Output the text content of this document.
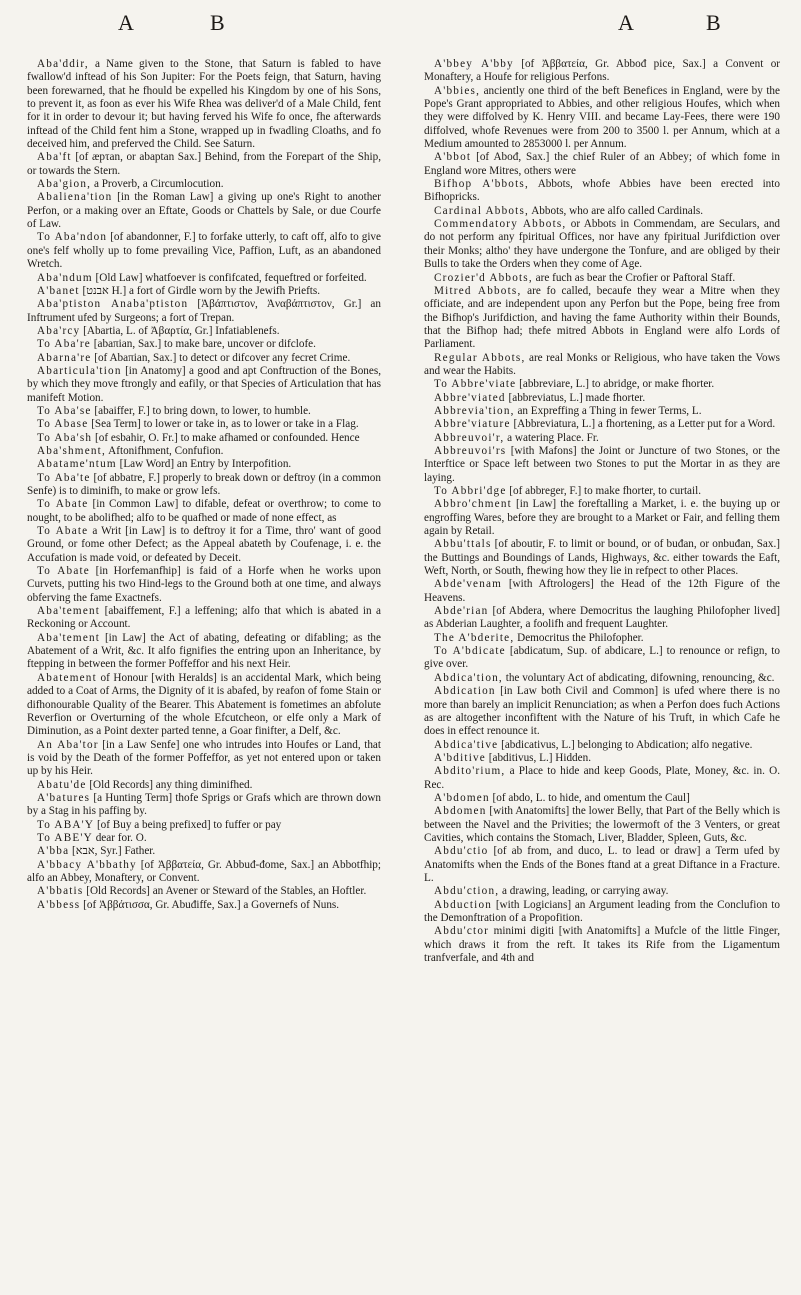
A	B	A	B

Aba'ddir, a Name given to the Stone, that Saturn is fabled to have fwallow'd inftead of his Son Jupiter: For the Poets feign, that Saturn, having been forewarned, that he fhould be expelled his Kingdom by one of his Sons, to prevent it, as foon as ever his Wife Rhea was deliver'd of a Male Child, fent for it in order to devour it; but having ferved his Wife fo once, fhe afterwards inftead of the Child fent him a Stone, wrapped up in fwadling Cloaths, and fo deceived him, and preferved the Child. See Saturn.

Aba'ft [of æpτan, or abaptan Sax.] Behind, from the Forepart of the Ship, or towards the Stern.

Aba'gion, a Proverb, a Circumlocution.

Abaliena'tion [in the Roman Law] a giving up one's Right to another Perfon, or a making over an Eftate, Goods or Chattels by Sale, or due Courfe of Law.

To Aba'ndon [of abandonner, F.] to forfake utterly, to caft off, alfo to give one's felf wholly up to fome prevailing Vice, Paffion, Luft, as an abandoned Wretch.

Aba'ndum [Old Law] whatfoever is confifcated, fequeftred or forfeited.

A'banet [אבנט H.] a fort of Girdle worn by the Jewifh Priefts.

Aba'ptiston Anaba'ptiston [Ἀβάπτιστον, Ἀναβάπτιστον, Gr.] an Inftrument ufed by Surgeons; a fort of Trepan.

Aba'rcy [Abartia, L. of Ἀβαρτία, Gr.] Infatiablenefs.

To Aba're [abaπian, Sax.] to make bare, uncover or difclofe.

Abarna're [of Abaπian, Sax.] to detect or difcover any fecret Crime.

Abarticula'tion [in Anatomy] a good and apt Conftruction of the Bones, by which they move ftrongly and eafily, or that Species of Articulation that has manifeft Motion.

To Aba'se [abaiffer, F.] to bring down, to lower, to humble.

To Abase [Sea Term] to lower or take in, as to lower or take in a Flag.

To Aba'sh [of esbahir, O. Fr.] to make afhamed or confounded. Hence

Aba'shment, Aftonifhment, Confufion.

Abatame'ntum [Law Word] an Entry by Interpofition.

To Aba'te [of abbatre, F.] properly to break down or deftroy (in a common Senfe) is to diminifh, to make or grow lefs.

To Abate [in Common Law] to difable, defeat or overthrow; to come to nought, to be abolifhed; alfo to be quafhed or made of none effect, as

To Abate a Writ [in Law] is to deftroy it for a Time, thro' want of good Ground, or fome other Defect; as the Appeal abateth by Coufenage, i. e. the Accufation is made void, or defeated by Deceit.

To Abate [in Horfemanfhip] is faid of a Horfe when he works upon Curvets, putting his two Hind-legs to the Ground both at one time, and always obferving the fame Exactnefs.

Aba'tement [abaiffement, F.] a leffening; alfo that which is abated in a Reckoning or Account.

Aba'tement [in Law] the Act of abating, defeating or difabling; as the Abatement of a Writ, &c. It alfo fignifies the entring upon an Inheritance, by ftepping in between the former Poffeffor and his next Heir.

Abatement of Honour [with Heralds] is an accidental Mark, which being added to a Coat of Arms, the Dignity of it is abafed, by reafon of fome Stain or difhonourable Quality of the Bearer. This Abatement is fometimes an abfolute Reverfion or Overturning of the whole Efcutcheon, or elfe only a Mark of Diminution, as a Point dexter parted tenne, a Goar finifter, a Delf, &c.

An Aba'tor [in a Law Senfe] one who intrudes into Houfes or Land, that is void by the Death of the former Poffeffor, as yet not entered upon or taken up by his Heir.

Abatu'de [Old Records] any thing diminifhed.

A'batures [a Hunting Term] thofe Sprigs or Grafs which are thrown down by a Stag in his paffing by.

To ABA'Y [of Buy a being prefixed] to fuffer or pay

To ABE'Y dear for. O.

A'bba [אבא, Syr.] Father.

A'bbacy A'bbathy [of Ἀββατεία, Gr. Abbuđ-đome, Sax.] an Abbotfhip; alfo an Abbey, Monaftery, or Convent.

A'bbatis [Old Records] an Avener or Steward of the Stables, an Hoftler.

A'bbess [of Ἀββάτισσα, Gr. Abuđiffe, Sax.] a Governefs of Nuns.

A'bbey A'bby [of Ἀββατεία, Gr. Abbođ pice, Sax.] a Convent or Monaftery, a Houfe for religious Perfons.

A'bbies, anciently one third of the beft Benefices in England, were by the Pope's Grant appropriated to Abbies, and other religious Houfes, which when they were diffolved by K. Henry VIII. and became Lay-Fees, there were 190 diffolved, whofe Revenues were from 200 to 3500 l. per Annum, which at a Medium amounted to 2853000 l. per Annum.

A'bbot [of Abođ, Sax.] the chief Ruler of an Abbey; of which fome in England wore Mitres, others were

Bifhop A'bbots, Abbots, whofe Abbies have been erected into Bifhopricks.

Cardinal Abbots, Abbots, who are alfo called Cardinals.

Commendatory Abbots, or Abbots in Commendam, are Seculars, and do not perform any fpiritual Offices, nor have any fpiritual Jurifdiction over their Monks; altho' they have undergone the Tonfure, and are obliged by their Bulls to take the Orders when they come of Age.

Crozier'd Abbots, are fuch as bear the Crofier or Paftoral Staff.

Mitred Abbots, are fo called, becaufe they wear a Mitre when they officiate, and are independent upon any Perfon but the Pope, being free from the Bifhop's Jurifdiction, and having the fame Authority within their Bounds, that the Bifhop had; thefe mitred Abbots in England were alfo Lords of Parliament.

Regular Abbots, are real Monks or Religious, who have taken the Vows and wear the Habits.

To Abbre'viate [abbreviare, L.] to abridge, or make fhorter.

Abbre'viated [abbreviatus, L.] made fhorter.

Abbrevia'tion, an Expreffing a Thing in fewer Terms, L.

Abbre'viature [Abbreviatura, L.] a fhortening, as a Letter put for a Word.

Abbreuvoi'r, a watering Place. Fr.

Abbreuvoi'rs [with Mafons] the Joint or Juncture of two Stones, or the Interftice or Space left between two Stones to put the Mortar in as they are laying.

To Abbri'dge [of abbreger, F.] to make fhorter, to curtail.

Abbro'chment [in Law] the foreftalling a Market, i. e. the buying up or engroffing Wares, before they are brought to a Market or Fair, and felling them again by Retail.

Abbu'ttals [of aboutir, F. to limit or bound, or of buđan, or onbuđan, Sax.] the Buttings and Boundings of Lands, Highways, &c. either towards the Eaft, Weft, North, or South, fhewing how they lie in refpect to other Places.

Abde'venam [with Aftrologers] the Head of the 12th Figure of the Heavens.

Abde'rian [of Abdera, where Democritus the laughing Philofopher lived] as Abderian Laughter, a foolifh and frequent Laughter.

The A'bderite, Democritus the Philofopher.

To A'bdicate [abdicatum, Sup. of abdicare, L.] to renounce or refign, to give over.

Abdica'tion, the voluntary Act of abdicating, difowning, renouncing, &c.

Abdication [in Law both Civil and Common] is ufed where there is no more than barely an implicit Renunciation; as when a Perfon does fuch Actions as are altogether inconfiftent with the Nature of his Truft, in which Cafe he does in effect renounce it.

Abdica'tive [abdicativus, L.] belonging to Abdication; alfo negative.

A'bditive [abditivus, L.] Hidden.

Abdito'rium, a Place to hide and keep Goods, Plate, Money, &c. in. O. Rec.

A'bdomen [of abdo, L. to hide, and omentum the Caul]

Abdomen [with Anatomifts] the lower Belly, that Part of the Belly which is between the Navel and the Privities; the lowermoft of the 3 Venters, or great Cavities, which contains the Stomach, Liver, Bladder, Spleen, Guts, &c.

Abdu'ctio [of ab from, and duco, L. to lead or draw] a Term ufed by Anatomifts when the Ends of the Bones ftand at a great Diftance in a Fracture. L.

Abdu'ction, a drawing, leading, or carrying away.

Abduction [with Logicians] an Argument leading from the Conclufion to the Demonftration of a Propofition.

Abdu'ctor minimi digiti [with Anatomifts] a Mufcle of the little Finger, which draws it from the reft. It takes its Rife from the Ligamentum tranfverfale, and 4th and
